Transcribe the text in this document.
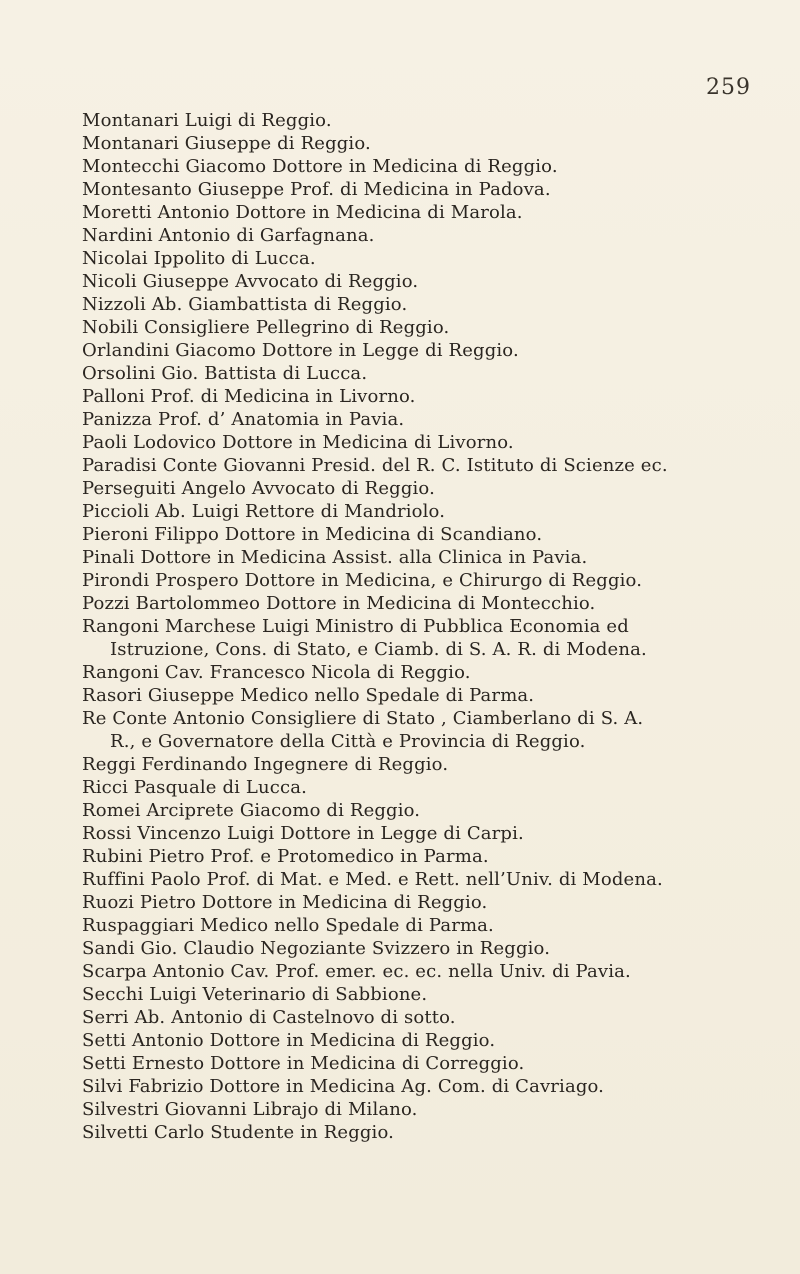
259
Montanari Luigi di Reggio.
Montanari Giuseppe di Reggio.
Montecchi Giacomo Dottore in Medicina di Reggio.
Montesanto Giuseppe Prof. di Medicina in Padova.
Moretti Antonio Dottore in Medicina di Marola.
Nardini Antonio di Garfagnana.
Nicolai Ippolito di Lucca.
Nicoli Giuseppe Avvocato di Reggio.
Nizzoli Ab. Giambattista di Reggio.
Nobili Consigliere Pellegrino di Reggio.
Orlandini Giacomo Dottore in Legge di Reggio.
Orsolini Gio. Battista di Lucca.
Palloni Prof. di Medicina in Livorno.
Panizza Prof. d’ Anatomia in Pavia.
Paoli Lodovico Dottore in Medicina di Livorno.
Paradisi Conte Giovanni Presid. del R. C. Istituto di Scienze ec.
Perseguiti Angelo Avvocato di Reggio.
Piccioli Ab. Luigi Rettore di Mandriolo.
Pieroni Filippo Dottore in Medicina di Scandiano.
Pinali Dottore in Medicina Assist. alla Clinica in Pavia.
Pirondi Prospero Dottore in Medicina, e Chirurgo di Reggio.
Pozzi Bartolommeo Dottore in Medicina di Montecchio.
Rangoni Marchese Luigi Ministro di Pubblica Economia ed
Istruzione, Cons. di Stato, e Ciamb. di S. A. R. di Modena.
Rangoni Cav. Francesco Nicola di Reggio.
Rasori Giuseppe Medico nello Spedale di Parma.
Re Conte Antonio Consigliere di Stato , Ciamberlano di S. A.
R., e Governatore della Città e Provincia di Reggio.
Reggi Ferdinando Ingegnere di Reggio.
Ricci Pasquale di Lucca.
Romei Arciprete Giacomo di Reggio.
Rossi Vincenzo Luigi Dottore in Legge di Carpi.
Rubini Pietro Prof. e Protomedico in Parma.
Ruffini Paolo Prof. di Mat. e Med. e Rett. nell’Univ. di Modena.
Ruozi Pietro Dottore in Medicina di Reggio.
Ruspaggiari Medico nello Spedale di Parma.
Sandi Gio. Claudio Negoziante Svizzero in Reggio.
Scarpa Antonio Cav. Prof. emer. ec. ec. nella Univ. di Pavia.
Secchi Luigi Veterinario di Sabbione.
Serri Ab. Antonio di Castelnovo di sotto.
Setti Antonio Dottore in Medicina di Reggio.
Setti Ernesto Dottore in Medicina di Correggio.
Silvi Fabrizio Dottore in Medicina Ag. Com. di Cavriago.
Silvestri Giovanni Librajo di Milano.
Silvetti Carlo Studente in Reggio.
